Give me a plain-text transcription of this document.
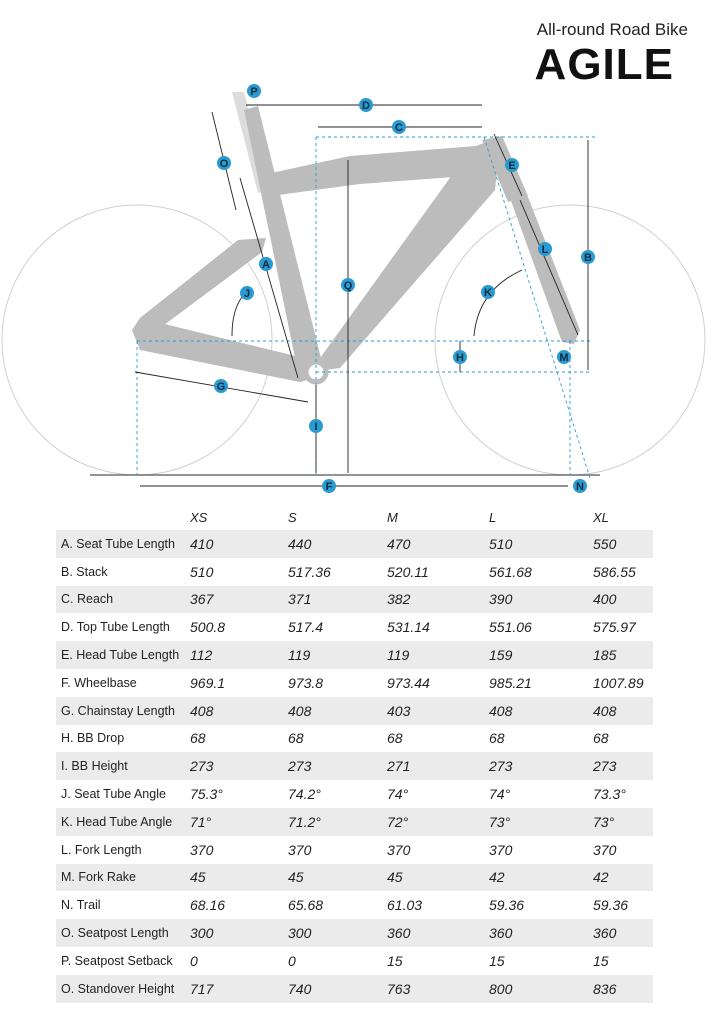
All-round Road Bike
AGILE
P
D
C
O	E
A
B
L
Q
J	K
H	M
G
I
F	N
	XS	S	M	L	XL
A. Seat Tube Length	410	440	470	510	550
B. Stack	510	517.36	520.11	561.68	586.55
C. Reach	367	371	382	390	400
D. Top Tube Length	500.8	517.4	531.14	551.06	575.97
E. Head Tube Length	112	119	119	159	185
F. Wheelbase	969.1	973.8	973.44	985.21	1007.89
G. Chainstay Length	408	408	403	408	408
H. BB Drop	68	68	68	68	68
I. BB Height	273	273	271	273	273
J. Seat Tube Angle	75.3°	74.2°	74°	74°	73.3°
K. Head Tube Angle	71°	71.2°	72°	73°	73°
L. Fork Length	370	370	370	370	370
M. Fork Rake	45	45	45	42	42
N. Trail	68.16	65.68	61.03	59.36	59.36
O. Seatpost Length	300	300	360	360	360
P. Seatpost Setback	0	0	15	15	15
O. Standover Height	717	740	763	800	836
